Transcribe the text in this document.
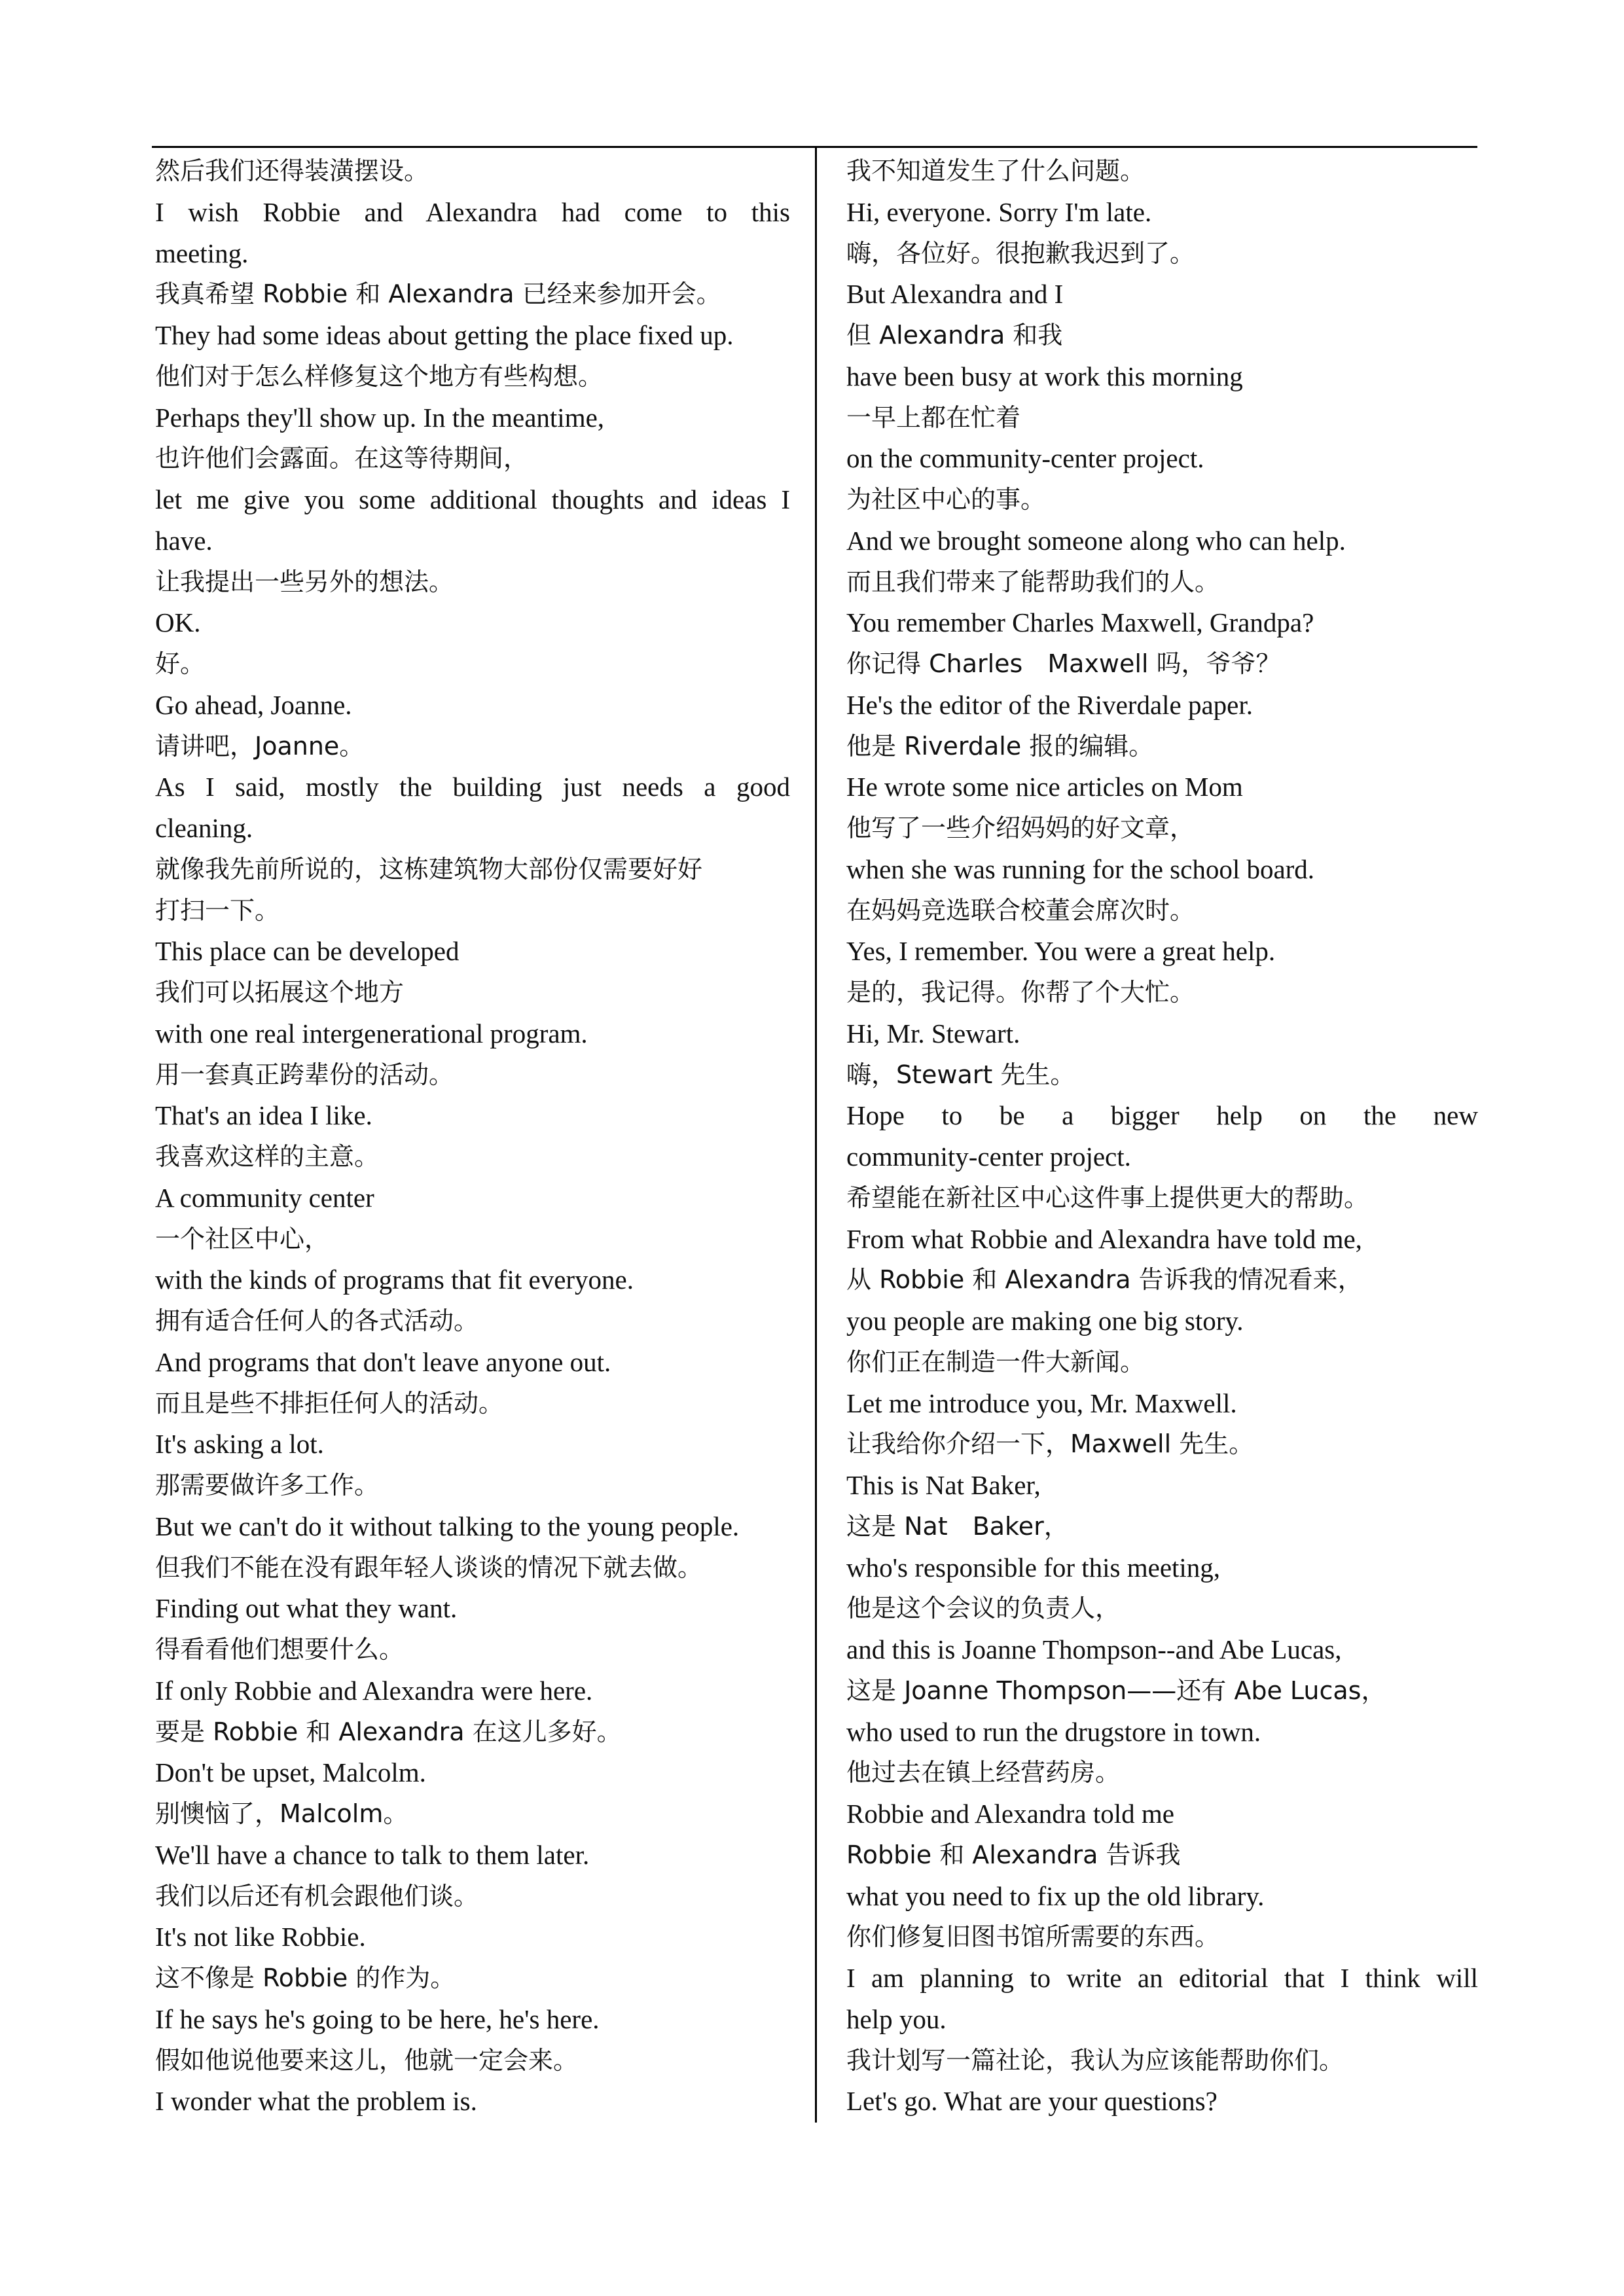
然后我们还得装潢摆设。
I wish Robbie and Alexandra had come to this
meeting.
我真希望 Robbie 和 Alexandra 已经来参加开会。
They had some ideas about getting the place fixed up.
他们对于怎么样修复这个地方有些构想。
Perhaps they'll show up. In the meantime,
也许他们会露面。在这等待期间，
let me give you some additional thoughts and ideas I
have.
让我提出一些另外的想法。
OK.
好。
Go ahead, Joanne.
请讲吧，Joanne。
As I said, mostly the building just needs a good
cleaning.
就像我先前所说的，这栋建筑物大部份仅需要好好
打扫一下。
This place can be developed
我们可以拓展这个地方
with one real intergenerational program.
用一套真正跨辈份的活动。
That's an idea I like.
我喜欢这样的主意。
A community center
一个社区中心，
with the kinds of programs that fit everyone.
拥有适合任何人的各式活动。
And programs that don't leave anyone out.
而且是些不排拒任何人的活动。
It's asking a lot.
那需要做许多工作。
But we can't do it without talking to the young people.
但我们不能在没有跟年轻人谈谈的情况下就去做。
Finding out what they want.
得看看他们想要什么。
If only Robbie and Alexandra were here.
要是 Robbie 和 Alexandra 在这儿多好。
Don't be upset, Malcolm.
别懊恼了，Malcolm。
We'll have a chance to talk to them later.
我们以后还有机会跟他们谈。
It's not like Robbie.
这不像是 Robbie 的作为。
If he says he's going to be here, he's here.
假如他说他要来这儿，他就一定会来。
I wonder what the problem is.
我不知道发生了什么问题。
Hi, everyone. Sorry I'm late.
嗨，各位好。很抱歉我迟到了。
But Alexandra and I
但 Alexandra 和我
have been busy at work this morning
一早上都在忙着
on the community-center project.
为社区中心的事。
And we brought someone along who can help.
而且我们带来了能帮助我们的人。
You remember Charles Maxwell, Grandpa?
你记得 Charles　Maxwell 吗，爷爷？
He's the editor of the Riverdale paper.
他是 Riverdale 报的编辑。
He wrote some nice articles on Mom
他写了一些介绍妈妈的好文章，
when she was running for the school board.
在妈妈竞选联合校董会席次时。
Yes, I remember. You were a great help.
是的，我记得。你帮了个大忙。
Hi, Mr. Stewart.
嗨，Stewart 先生。
Hope to be a bigger help on the new
community-center project.
希望能在新社区中心这件事上提供更大的帮助。
From what Robbie and Alexandra have told me,
从 Robbie 和 Alexandra 告诉我的情况看来，
you people are making one big story.
你们正在制造一件大新闻。
Let me introduce you, Mr. Maxwell.
让我给你介绍一下，Maxwell 先生。
This is Nat Baker,
这是 Nat　Baker，
who's responsible for this meeting,
他是这个会议的负责人，
and this is Joanne Thompson--and Abe Lucas,
这是 Joanne Thompson——还有 Abe Lucas，
who used to run the drugstore in town.
他过去在镇上经营药房。
Robbie and Alexandra told me
Robbie 和 Alexandra 告诉我
what you need to fix up the old library.
你们修复旧图书馆所需要的东西。
I am planning to write an editorial that I think will
help you.
我计划写一篇社论，我认为应该能帮助你们。
Let's go. What are your questions?
